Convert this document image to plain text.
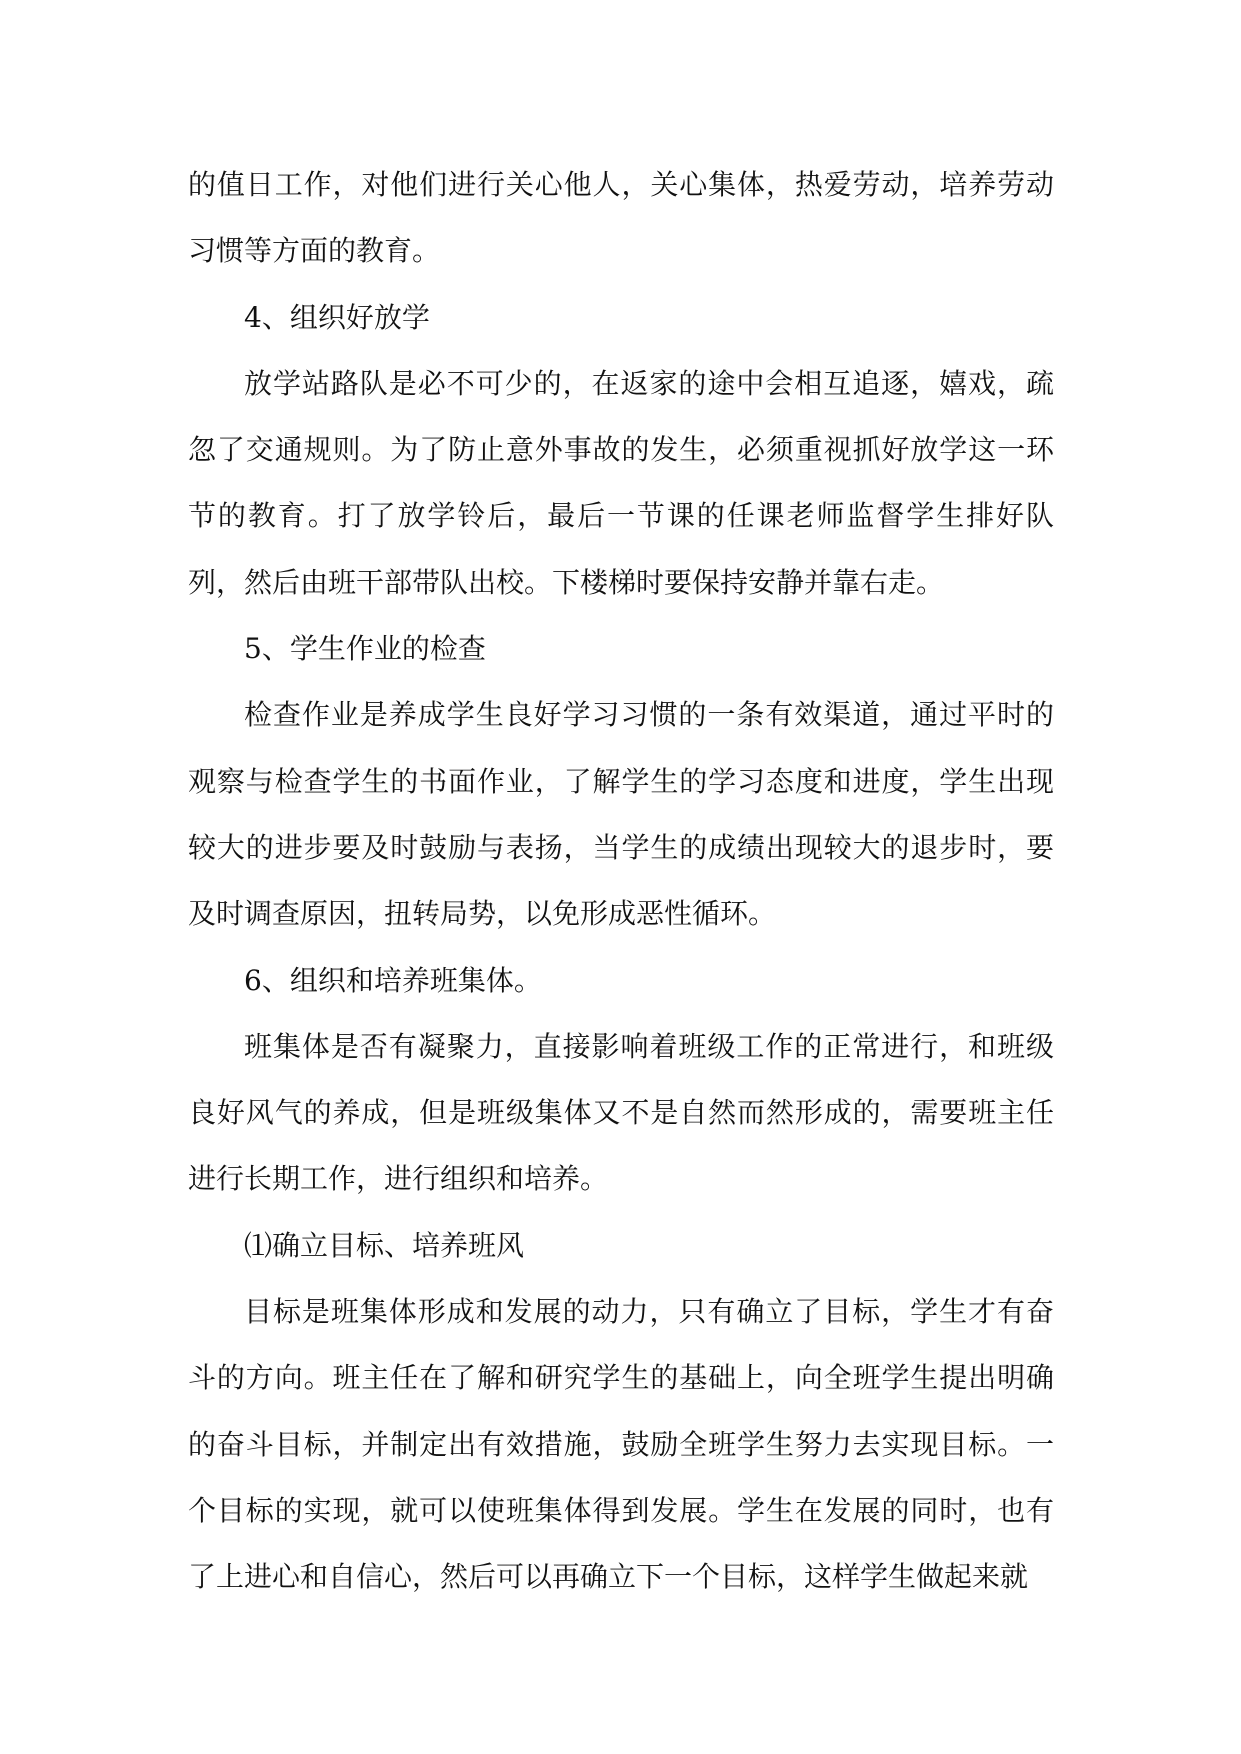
的值日工作，对他们进行关心他人，关心集体，热爱劳动，培养劳动习惯等方面的教育。

4、组织好放学

放学站路队是必不可少的，在返家的途中会相互追逐，嬉戏，疏忽了交通规则。为了防止意外事故的发生，必须重视抓好放学这一环节的教育。打了放学铃后，最后一节课的任课老师监督学生排好队列，然后由班干部带队出校。下楼梯时要保持安静并靠右走。

5、学生作业的检查

检查作业是养成学生良好学习习惯的一条有效渠道，通过平时的观察与检查学生的书面作业，了解学生的学习态度和进度，学生出现较大的进步要及时鼓励与表扬，当学生的成绩出现较大的退步时，要及时调查原因，扭转局势，以免形成恶性循环。

6、组织和培养班集体。

班集体是否有凝聚力，直接影响着班级工作的正常进行，和班级良好风气的养成，但是班级集体又不是自然而然形成的，需要班主任进行长期工作，进行组织和培养。

⑴确立目标、培养班风

目标是班集体形成和发展的动力，只有确立了目标，学生才有奋斗的方向。班主任在了解和研究学生的基础上，向全班学生提出明确的奋斗目标，并制定出有效措施，鼓励全班学生努力去实现目标。一个目标的实现，就可以使班集体得到发展。学生在发展的同时，也有了上进心和自信心，然后可以再确立下一个目标，这样学生做起来就
